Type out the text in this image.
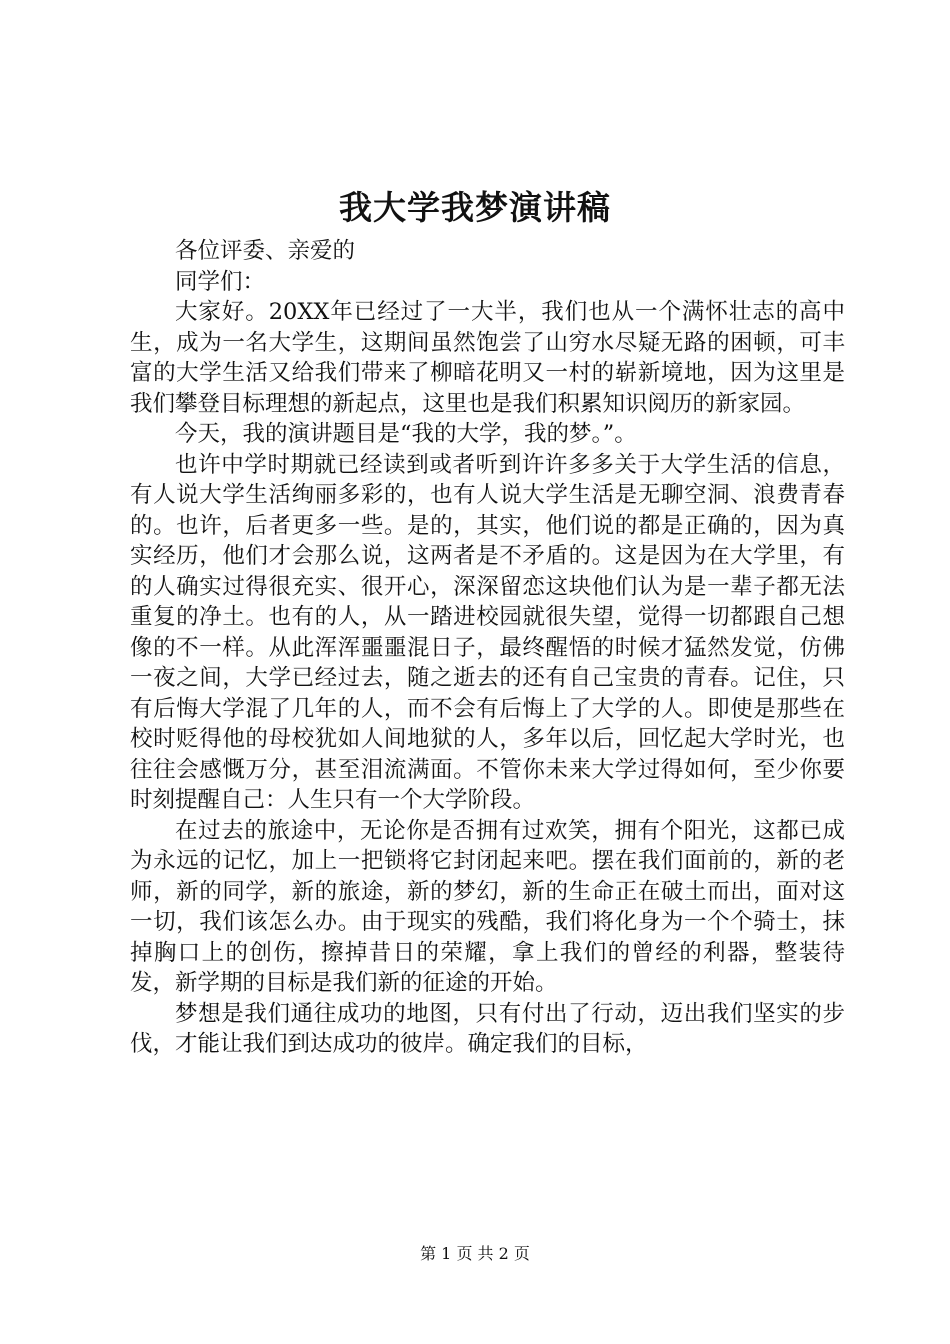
我大学我梦演讲稿

各位评委、亲爱的

同学们：

大家好。20XX年已经过了一大半，我们也从一个满怀壮志的高中生，成为一名大学生，这期间虽然饱尝了山穷水尽疑无路的困顿，可丰富的大学生活又给我们带来了柳暗花明又一村的崭新境地，因为这里是我们攀登目标理想的新起点，这里也是我们积累知识阅历的新家园。

今天，我的演讲题目是“我的大学，我的梦。”。

也许中学时期就已经读到或者听到许许多多关于大学生活的信息，有人说大学生活绚丽多彩的，也有人说大学生活是无聊空洞、浪费青春的。也许，后者更多一些。是的，其实，他们说的都是正确的，因为真实经历，他们才会那么说，这两者是不矛盾的。这是因为在大学里，有的人确实过得很充实、很开心，深深留恋这块他们认为是一辈子都无法重复的净土。也有的人，从一踏进校园就很失望，觉得一切都跟自己想像的不一样。从此浑浑噩噩混日子，最终醒悟的时候才猛然发觉，仿佛一夜之间，大学已经过去，随之逝去的还有自己宝贵的青春。记住，只有后悔大学混了几年的人，而不会有后悔上了大学的人。即使是那些在校时贬得他的母校犹如人间地狱的人，多年以后，回忆起大学时光，也往往会感慨万分，甚至泪流满面。不管你未来大学过得如何，至少你要时刻提醒自己：人生只有一个大学阶段。

在过去的旅途中，无论你是否拥有过欢笑，拥有个阳光，这都已成为永远的记忆，加上一把锁将它封闭起来吧。摆在我们面前的，新的老师，新的同学，新的旅途，新的梦幻，新的生命正在破土而出，面对这一切，我们该怎么办。由于现实的残酷，我们将化身为一个个骑士，抹掉胸口上的创伤，擦掉昔日的荣耀，拿上我们的曾经的利器，整装待发，新学期的目标是我们新的征途的开始。

梦想是我们通往成功的地图，只有付出了行动，迈出我们坚实的步伐，才能让我们到达成功的彼岸。确定我们的目标，

第 1 页 共 2 页
